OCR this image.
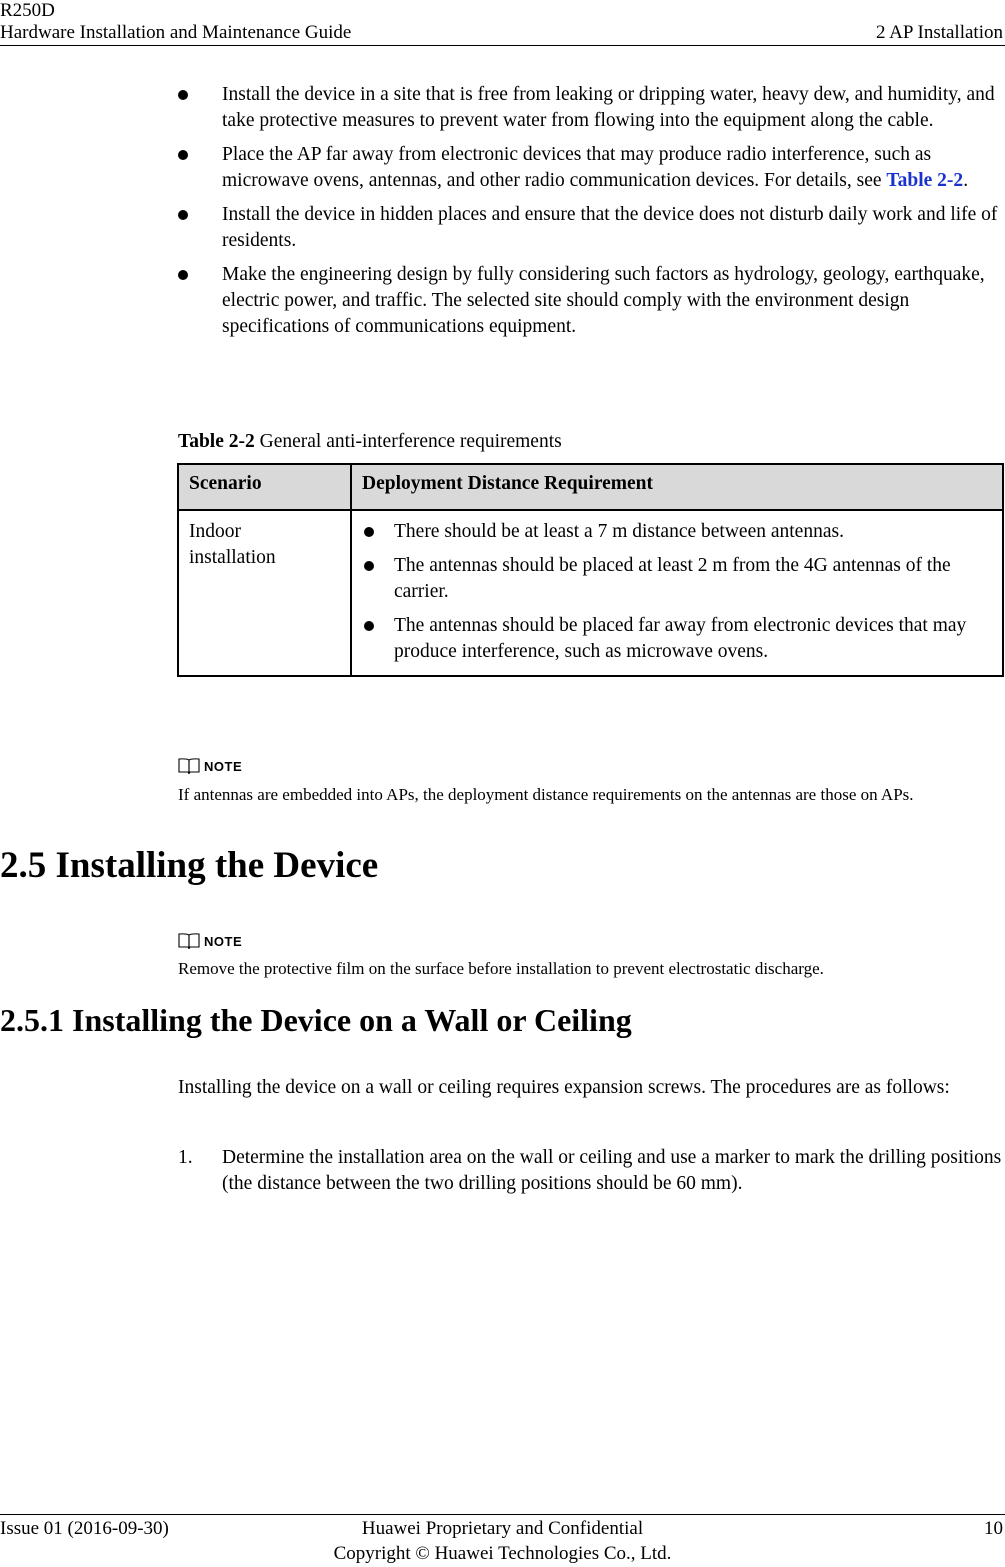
R250D
Hardware Installation and Maintenance Guide	2 AP Installation
Install the device in a site that is free from leaking or dripping water, heavy dew, and humidity, and take protective measures to prevent water from flowing into the equipment along the cable.
Place the AP far away from electronic devices that may produce radio interference, such as microwave ovens, antennas, and other radio communication devices. For details, see Table 2-2.
Install the device in hidden places and ensure that the device does not disturb daily work and life of residents.
Make the engineering design by fully considering such factors as hydrology, geology, earthquake, electric power, and traffic. The selected site should comply with the environment design specifications of communications equipment.
Table 2-2 General anti-interference requirements
Scenario	Deployment Distance Requirement

Indoor installation	There should be at least a 7 m distance between antennas.
The antennas should be placed at least 2 m from the 4G antennas of the carrier.
The antennas should be placed far away from electronic devices that may produce interference, such as microwave ovens.
NOTE
If antennas are embedded into APs, the deployment distance requirements on the antennas are those on APs.
2.5 Installing the Device
NOTE
Remove the protective film on the surface before installation to prevent electrostatic discharge.
2.5.1 Installing the Device on a Wall or Ceiling
Installing the device on a wall or ceiling requires expansion screws. The procedures are as follows:
1. Determine the installation area on the wall or ceiling and use a marker to mark the drilling positions (the distance between the two drilling positions should be 60 mm).
Issue 01 (2016-09-30)	Huawei Proprietary and Confidential
Copyright © Huawei Technologies Co., Ltd.
10
